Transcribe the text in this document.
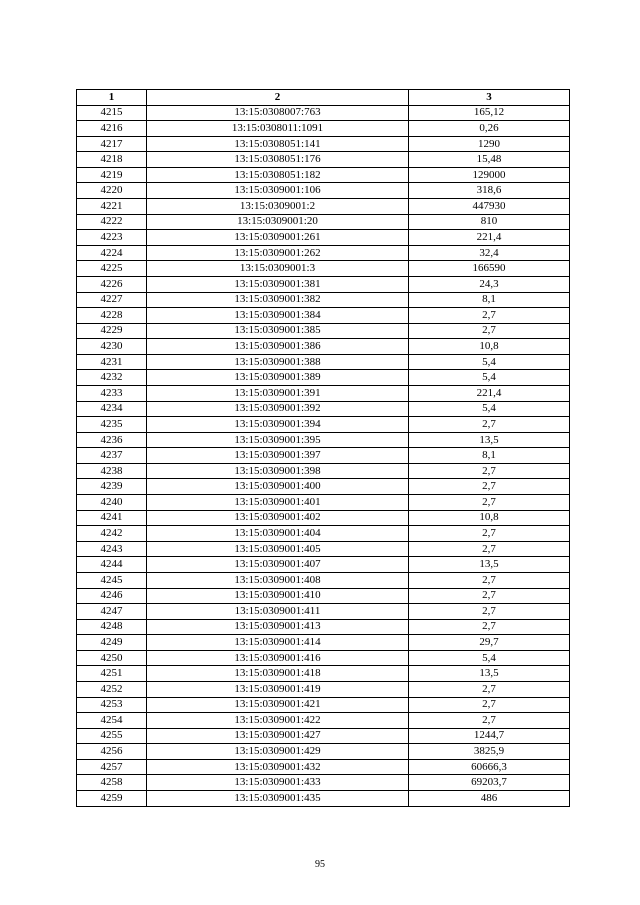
1	2	3
4215	13:15:0308007:763	165,12
4216	13:15:0308011:1091	0,26
4217	13:15:0308051:141	1290
4218	13:15:0308051:176	15,48
4219	13:15:0308051:182	129000
4220	13:15:0309001:106	318,6
4221	13:15:0309001:2	447930
4222	13:15:0309001:20	810
4223	13:15:0309001:261	221,4
4224	13:15:0309001:262	32,4
4225	13:15:0309001:3	166590
4226	13:15:0309001:381	24,3
4227	13:15:0309001:382	8,1
4228	13:15:0309001:384	2,7
4229	13:15:0309001:385	2,7
4230	13:15:0309001:386	10,8
4231	13:15:0309001:388	5,4
4232	13:15:0309001:389	5,4
4233	13:15:0309001:391	221,4
4234	13:15:0309001:392	5,4
4235	13:15:0309001:394	2,7
4236	13:15:0309001:395	13,5
4237	13:15:0309001:397	8,1
4238	13:15:0309001:398	2,7
4239	13:15:0309001:400	2,7
4240	13:15:0309001:401	2,7
4241	13:15:0309001:402	10,8
4242	13:15:0309001:404	2,7
4243	13:15:0309001:405	2,7
4244	13:15:0309001:407	13,5
4245	13:15:0309001:408	2,7
4246	13:15:0309001:410	2,7
4247	13:15:0309001:411	2,7
4248	13:15:0309001:413	2,7
4249	13:15:0309001:414	29,7
4250	13:15:0309001:416	5,4
4251	13:15:0309001:418	13,5
4252	13:15:0309001:419	2,7
4253	13:15:0309001:421	2,7
4254	13:15:0309001:422	2,7
4255	13:15:0309001:427	1244,7
4256	13:15:0309001:429	3825,9
4257	13:15:0309001:432	60666,3
4258	13:15:0309001:433	69203,7
4259	13:15:0309001:435	486
95
